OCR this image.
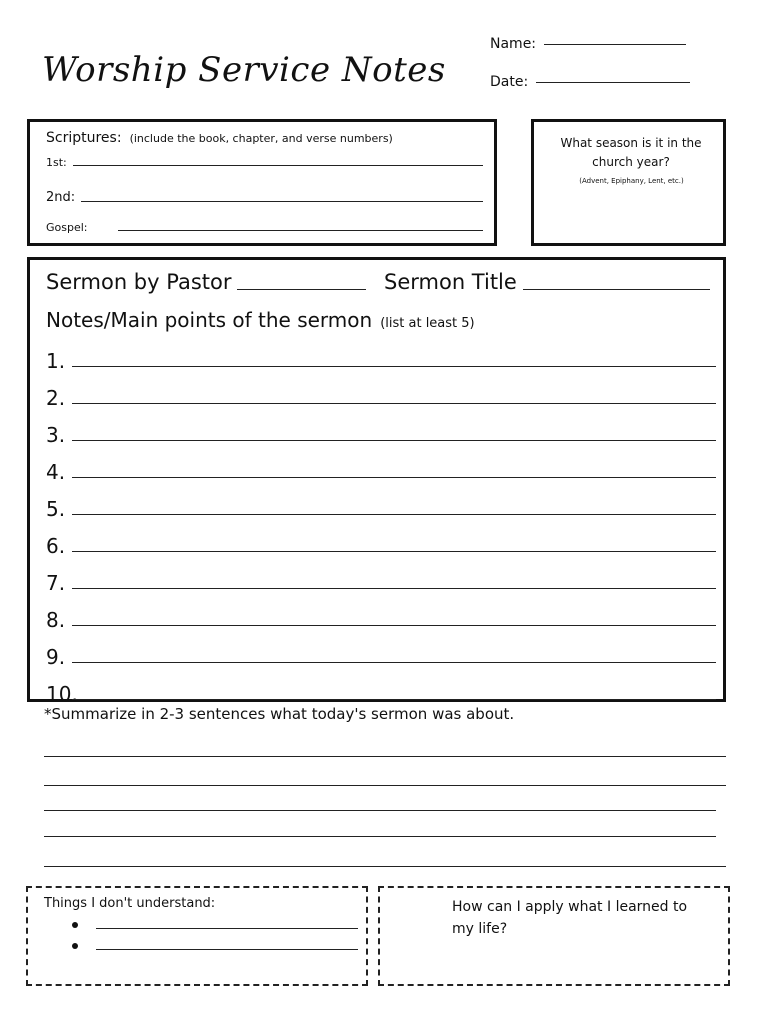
Worship Service Notes
Name:
Date:
Scriptures: (include the book, chapter, and verse numbers)
1st:
2nd:
Gospel:
What season is it in the church year?
(Advent, Epiphany, Lent, etc.)
Sermon by Pastor	Sermon Title
Notes/Main points of the sermon (list at least 5)
1.
2.
3.
4.
5.
6.
7.
8.
9.
10.
*Summarize in 2-3 sentences what today's sermon was about.
Things I don't understand:	How can I apply what I learned to my life?
